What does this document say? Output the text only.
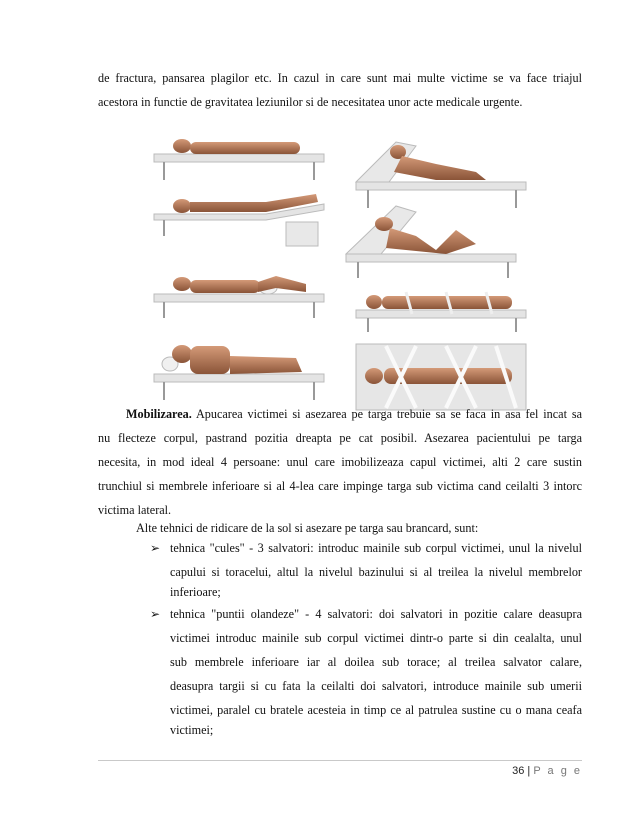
de fractura, pansarea plagilor etc. In cazul in care sunt mai multe victime se va face triajul
acestora in functie de gravitatea leziunilor si de necesitatea unor acte medicale urgente.
Mobilizarea. Apucarea victimei si asezarea pe targa trebuie sa se faca in asa fel incat sa
nu flecteze corpul, pastrand pozitia dreapta pe cat posibil. Asezarea pacientului pe targa
necesita, in mod ideal 4 persoane: unul care imobilizeaza capul victimei, alti 2 care sustin
trunchiul si membrele inferioare si al 4-lea care impinge targa sub victima cand ceilalti 3 intorc
victima lateral.
Alte tehnici de ridicare de la sol si asezare pe targa sau brancard, sunt:
➢ tehnica "cules" - 3 salvatori: introduc mainile sub corpul victimei, unul la nivelul
capului si toracelui, altul la nivelul bazinului si al treilea la nivelul membrelor
inferioare;
➢ tehnica "puntii olandeze" - 4 salvatori: doi salvatori in pozitie calare deasupra
victimei introduc mainile sub corpul victimei dintr-o parte si din cealalta, unul
sub membrele inferioare iar al doilea sub torace; al treilea salvator calare,
deasupra targii si cu fata la ceilalti doi salvatori, introduce mainile sub umerii
victimei, paralel cu bratele acesteia in timp ce al patrulea sustine cu o mana ceafa
victimei;
36 | P a g e
